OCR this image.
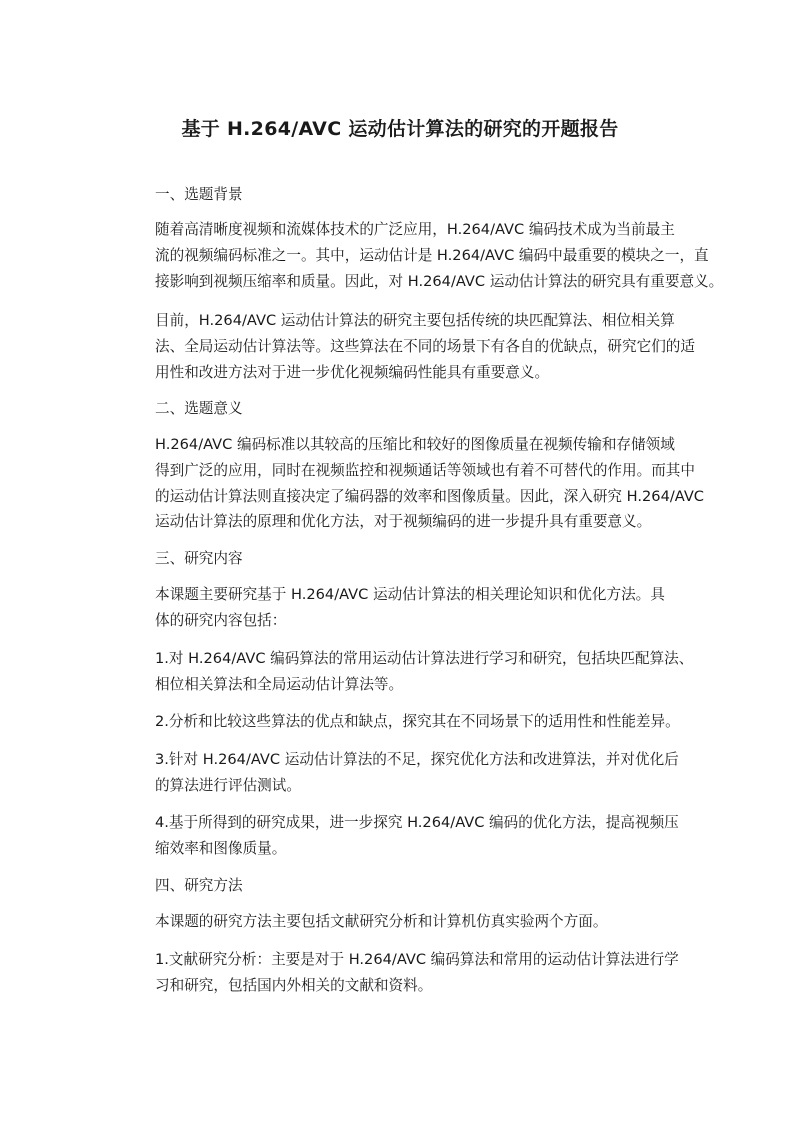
基于 H.264/AVC 运动估计算法的研究的开题报告
一、选题背景

随着高清晰度视频和流媒体技术的广泛应用，H.264/AVC 编码技术成为当前最主
流的视频编码标准之一。其中，运动估计是 H.264/AVC 编码中最重要的模块之一，直
接影响到视频压缩率和质量。因此，对 H.264/AVC 运动估计算法的研究具有重要意义。

目前，H.264/AVC 运动估计算法的研究主要包括传统的块匹配算法、相位相关算
法、全局运动估计算法等。这些算法在不同的场景下有各自的优缺点，研究它们的适
用性和改进方法对于进一步优化视频编码性能具有重要意义。

二、选题意义

H.264/AVC 编码标准以其较高的压缩比和较好的图像质量在视频传输和存储领域
得到广泛的应用，同时在视频监控和视频通话等领域也有着不可替代的作用。而其中
的运动估计算法则直接决定了编码器的效率和图像质量。因此，深入研究 H.264/AVC
运动估计算法的原理和优化方法，对于视频编码的进一步提升具有重要意义。

三、研究内容

本课题主要研究基于 H.264/AVC 运动估计算法的相关理论知识和优化方法。具
体的研究内容包括：

1.对 H.264/AVC 编码算法的常用运动估计算法进行学习和研究，包括块匹配算法、
相位相关算法和全局运动估计算法等。

2.分析和比较这些算法的优点和缺点，探究其在不同场景下的适用性和性能差异。

3.针对 H.264/AVC 运动估计算法的不足，探究优化方法和改进算法，并对优化后
的算法进行评估测试。

4.基于所得到的研究成果，进一步探究 H.264/AVC 编码的优化方法，提高视频压
缩效率和图像质量。

四、研究方法

本课题的研究方法主要包括文献研究分析和计算机仿真实验两个方面。

1.文献研究分析：主要是对于 H.264/AVC 编码算法和常用的运动估计算法进行学
习和研究，包括国内外相关的文献和资料。
